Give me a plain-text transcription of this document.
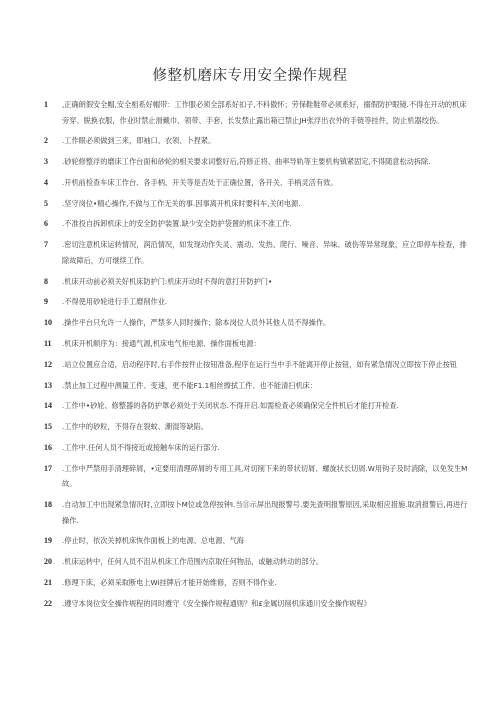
修整机磨床专用安全操作规程
1 ,正确朗假安全帽,安全相系好帽带：工作服必须全部系好扣子,不科傲怀；劳保鞋鞋带必须系好，搦假防护眼镜.不得在开动的机床旁穿、脱换衣服，作业时禁止滑戴巾、领带、手套，长发禁止露出箱已禁止JH张浮出衣外的手链等挂件，防止机器绞伤。
2 .工作眼必须做到三来，即袖口、衣领、卜捏紧。
3 .砂轮修整浮的磨床工作台面和砂轮的相关要求词整好后,符修正将、曲率导轨等主要机构镇紧固定,不得随意松动拆除.
4 .开机前检查车床工作台、各手柄、开关等是否处于正确位置，各开关、手柄灵活有效。
5 .坚守岗位•精心操作,不做与工作无关的事.因事离开机床时要科车,关闭电源.
6 .不准投自拆卸机床上的安全防护装置.缺少安全防护袋置的机床不准工作.
7 .密切注意机床运转情况，润沿情况，如发现动作失灵、震动、发热、爬行、噪音、异味、破伤等异常现象，应立即停车检查，排除故障后，方可继续工作。
8 .机床开动前必须关好机床防护门:机床开动时不得的意打开防护门•
9 .不得使用砂轮进行手工磨削作业.
10 .操作平台只允许一人操作，严禁多人同时操作；除本岗位人员外其他人员不得操作。
11 .机床开机顺序为：接通气源,机床电气柜电源、操作面板电源：
12 .站立位置应合适，启动程序时,右手作按件止按钮准备,程序在运行当中手不能离开停止按钮，如有紧急情况立即按下停止按钮
13 .禁止加工过程中测量工件、变速，更不能F1.1相丝擦拭工件、也不能清扫机床：
14 .工作中•砂轮、修整器的各防护罩必须处于关闭状态.不得开启.如需检查必须确保完全件机后才能打开检查.
15 .工作中的砂粒，不得存在裂蚊、潮湿等缺陷。
16 .工作中.任何人员不得接近或接触车床的运行部分.
17 .工作中严禁用手清理碎屑，•定要用清理碎屑的专用工具,对切削下来的带状切屑、螺旋状长切屑.W用钩子及时消除，以免发生M故。
18 .自动加工中出现紧急情况时,立即按卜M位或急停按钟I.当⑪示屏出现报警号.要先查明报警原因,采取相应措施.取消报警后,再进行操作.
19 .停止时，依次关掉机床恢作面板上的电源、总电源、气海
20 .机床运转中，任何人员不沮从机床工作范围内京取任何物品，或触动转动的部分。
21 .修理下床，必须采取断电上Wi挂牌后才能开始维修，否则不得作业.
22 .遵守本岗位安全操作规程的同时遵守《安全操作规程通则？和£金属切削机床通川安全操作规程》
